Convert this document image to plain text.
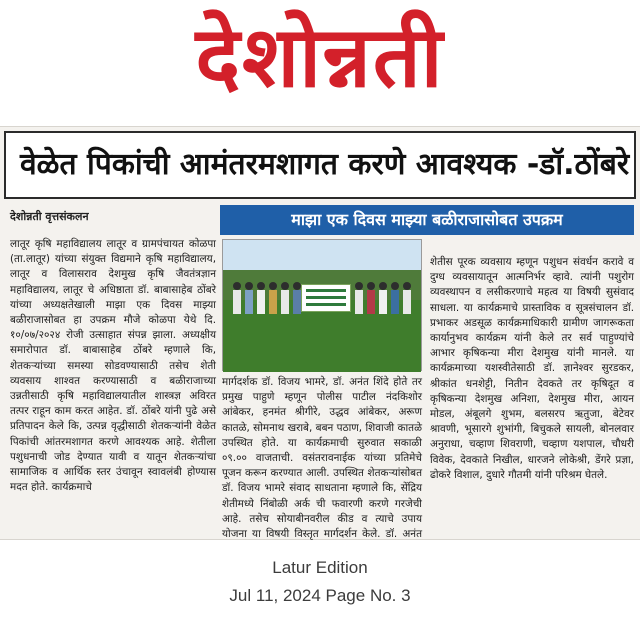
देशोन्नती
वेळेत पिकांची आमंतरमशागत करणे आवश्यक -डॉ.ठोंबरे
देशोन्नती वृत्तसंकलन	माझा एक दिवस माझ्या बळीराजासोबत उपक्रम
लातूर कृषि महाविद्यालय लातूर व ग्रामपंचायत कोळपा (ता.लातूर) यांच्या संयुक्त विद्यमाने कृषि महाविद्यालय, लातूर व विलासराव देशमुख कृषि जैवतंत्रज्ञान महाविद्यालय, लातूर चे अधिष्ठाता डॉ. बाबासाहेब ठोंबरे यांच्या अध्यक्षतेखाली माझा एक दिवस माझ्या बळीराजासोबत हा उपक्रम मौजे कोळपा येथे दि. १०/०७/२०२४ रोजी उत्साहात संपन्न झाला. अध्यक्षीय समारोपात डॉ. बाबासाहेब ठोंबरे म्हणाले कि, शेतकऱ्यांच्या समस्या सोडवण्यासाठी तसेच शेती व्यवसाय शाश्वत करण्यासाठी व बळीराजाच्या उन्नतीसाठी कृषि महाविद्यालयातील शास्त्रज्ञ अविरत तत्पर राहून काम करत आहेत. डॉ. ठोंबरे यांनी पुढे असे प्रतिपादन केले कि, उत्पन्न वृद्धीसाठी शेतकऱ्यांनी वेळेत पिकांची आंतरमशागत करणे आवश्यक आहे. शेतीला पशुधनाची जोड देण्यात यावी व यातून शेतकऱ्यांचा सामाजिक व आर्थिक स्तर उंचावून स्वावलंबी होण्यास मदत होते. कार्यक्रमाचे
मार्गदर्शक डॉ. विजय भामरे, डॉ. अनंत शिंदे होते तर प्रमुख पाहुणे म्हणून पोलीस पाटील नंदकिशोर आंबेकर, हनमंत श्रीगीरे, उद्धव आंबेकर, अरूण कातळे, सोमनाथ खराबे, बबन पठाण, शिवाजी कातळे उपस्थित होते. या कार्यक्रमाची सुरुवात सकाळी ०९.०० वाजताची. वसंतरावनाईक यांच्या प्रतिमेचे पूजन करून करण्यात आली. उपस्थित शेतकऱ्यांसोबत डॉ. विजय भामरे संवाद साधताना म्हणाले कि, सेंद्रिय शेतीमध्ये निंबोळी अर्क ची फवारणी करणे गरजेची आहे. तसेच सोयाबीनवरील कीड व त्याचे उपाय योजना या विषयी विस्तृत मार्गदर्शन केले. डॉ. अनंत
शेतीस पूरक व्यवसाय म्हणून पशुधन संवर्धन करावे व दुग्ध व्यवसायातून आत्मनिर्भर व्हावे. त्यांनी पशुरोग व्यवस्थापन व लसीकरणाचे महत्व या विषयी सुसंवाद साधला. या कार्यक्रमाचे प्रास्ताविक व सूत्रसंचालन डॉ. प्रभाकर अडसूळ कार्यक्रमाधिकारी ग्रामीण जागरूकता कार्यानुभव कार्यक्रम यांनी केले तर सर्व पाहुण्यांचे आभार कृषिकन्या मीरा देशमुख यांनी मानले. या कार्यक्रमाच्या यशस्वीतेसाठी डॉ. ज्ञानेश्वर सुरडकर, श्रीकांत धनशेट्टी, नितीन देवकते तर कृषिदूत व कृषिकन्या देशमुख अनिशा, देशमुख मीरा, आयन मोडल, अंबूलगे शुभम, बलसरप ऋतुजा, बेटेवर श्रावणी, भूसारगे शुभांगी, बिचुकले सायली, बोनलवार अनुराधा, चव्हाण शिवराणी, चव्हाण यशपाल, चौधरी विवेक, देवकाते निखील, धारजने लोकेश्री, डेंगरे प्रज्ञा, ढोकरे विशाल, दुधारे गौतमी यांनी परिश्रम घेतले.
Latur Edition
Jul 11, 2024 Page No. 3
